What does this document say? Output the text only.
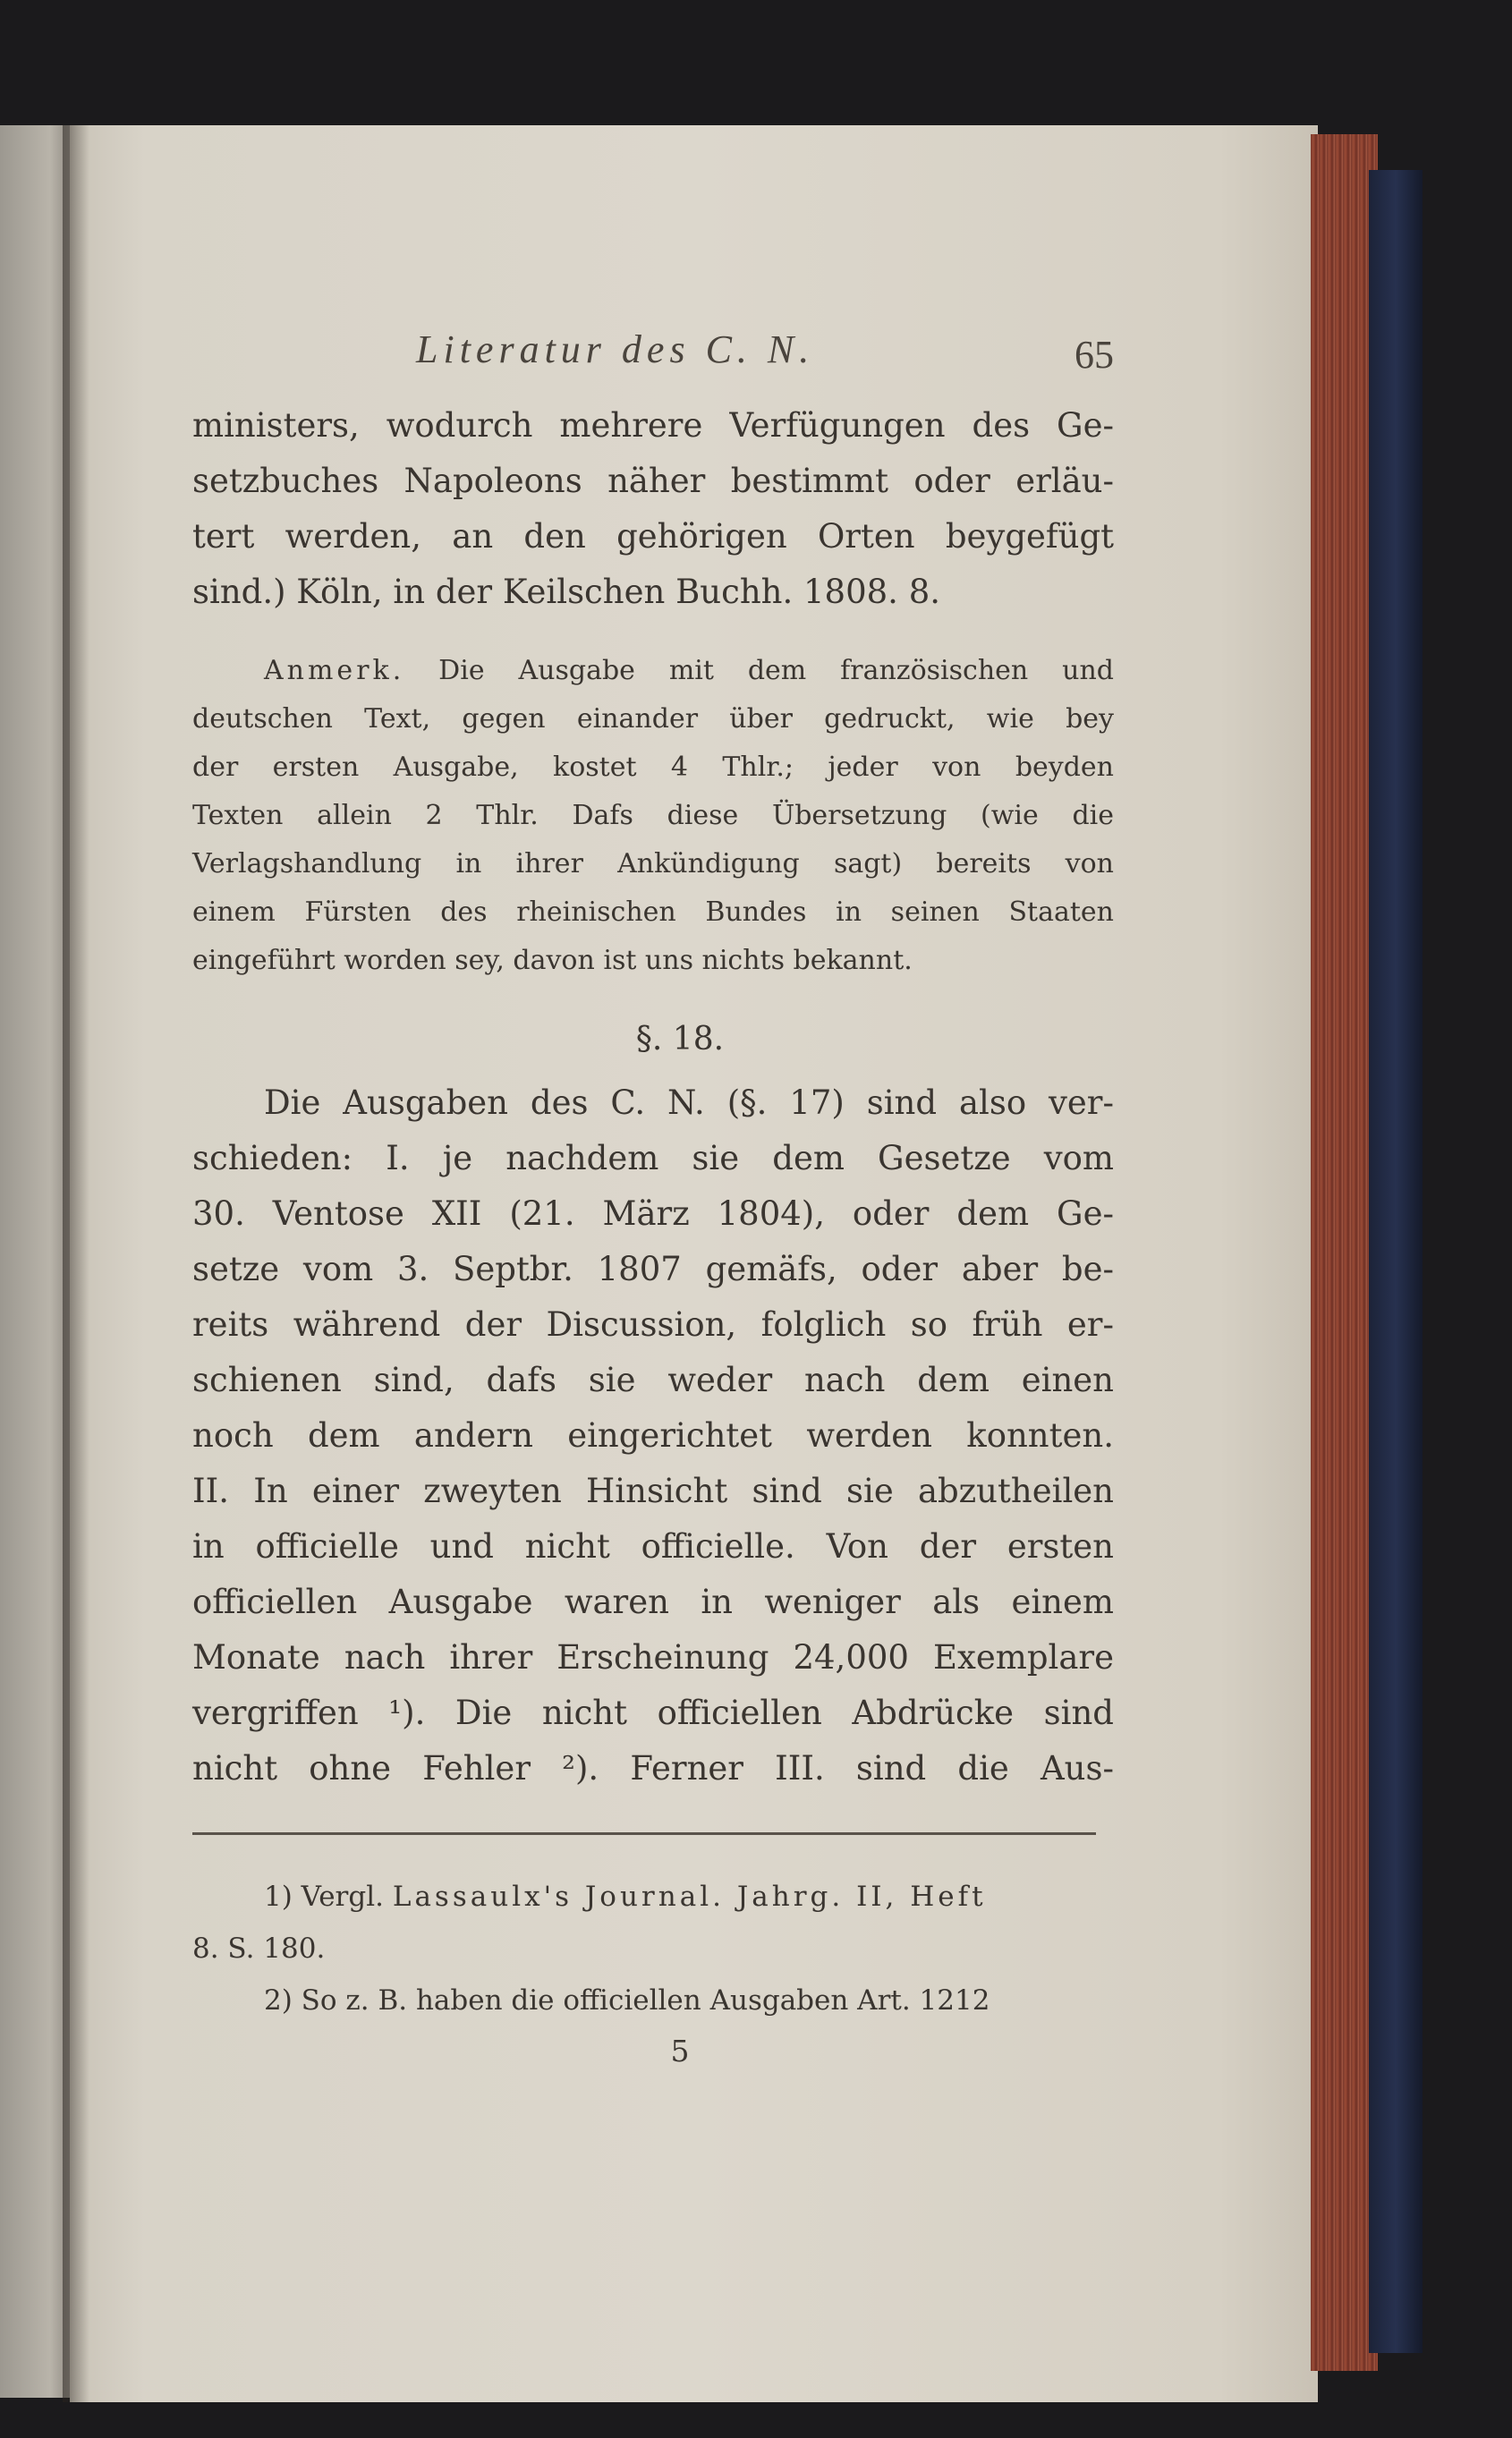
Literatur des C. N.	65

ministers, wodurch mehrere Verfügungen des Ge-
setzbuches Napoleons näher bestimmt oder erläu-
tert werden, an den gehörigen Orten beygefügt
sind.) Köln, in der Keilschen Buchh. 1808. 8.

Anmerk. Die Ausgabe mit dem französischen und
deutschen Text, gegen einander über gedruckt, wie bey
der ersten Ausgabe, kostet 4 Thlr.; jeder von beyden
Texten allein 2 Thlr. Dafs diese Übersetzung (wie die
Verlagshandlung in ihrer Ankündigung sagt) bereits von
einem Fürsten des rheinischen Bundes in seinen Staaten
eingeführt worden sey, davon ist uns nichts bekannt.
§. 18.

Die Ausgaben des C. N. (§. 17) sind also ver-
schieden: I. je nachdem sie dem Gesetze vom
30. Ventose XII (21. März 1804), oder dem Ge-
setze vom 3. Septbr. 1807 gemäfs, oder aber be-
reits während der Discussion, folglich so früh er-
schienen sind, dafs sie weder nach dem einen
noch dem andern eingerichtet werden konnten.
II. In einer zweyten Hinsicht sind sie abzutheilen
in officielle und nicht officielle. Von der ersten
officiellen Ausgabe waren in weniger als einem
Monate nach ihrer Erscheinung 24,000 Exemplare
vergriffen ¹). Die nicht officiellen Abdrücke sind
nicht ohne Fehler ²). Ferner III. sind die Aus-

1) Vergl. Lassaulx's Journal. Jahrg. II, Heft
8. S. 180.
2) So z. B. haben die officiellen Ausgaben Art. 1212
5
